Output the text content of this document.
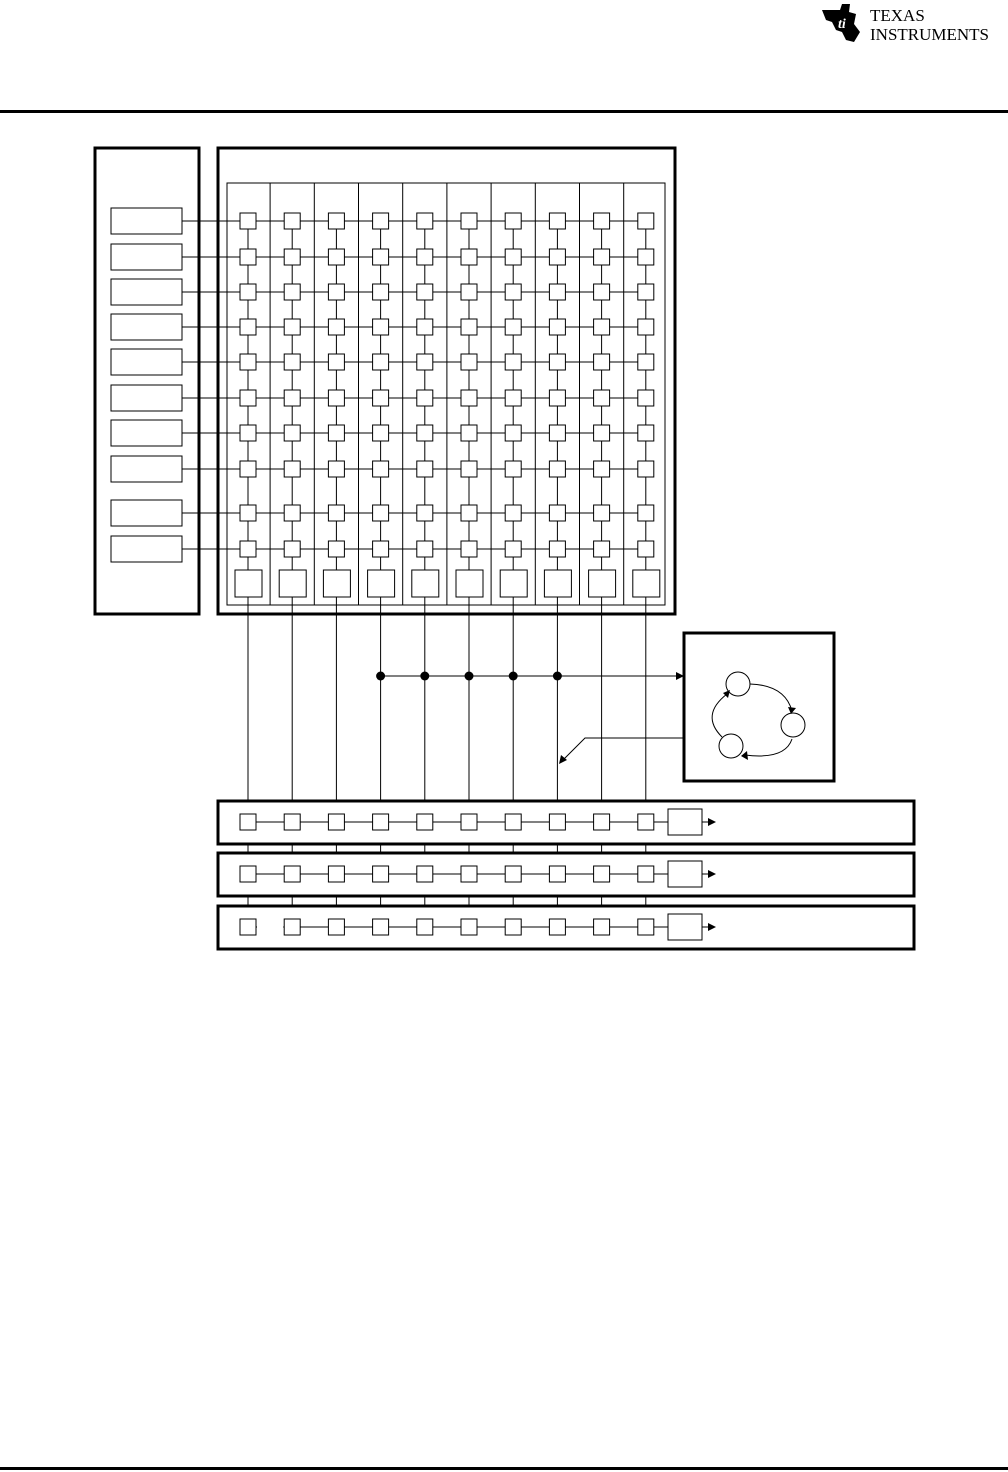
ti TEXAS
INSTRUMENTS
